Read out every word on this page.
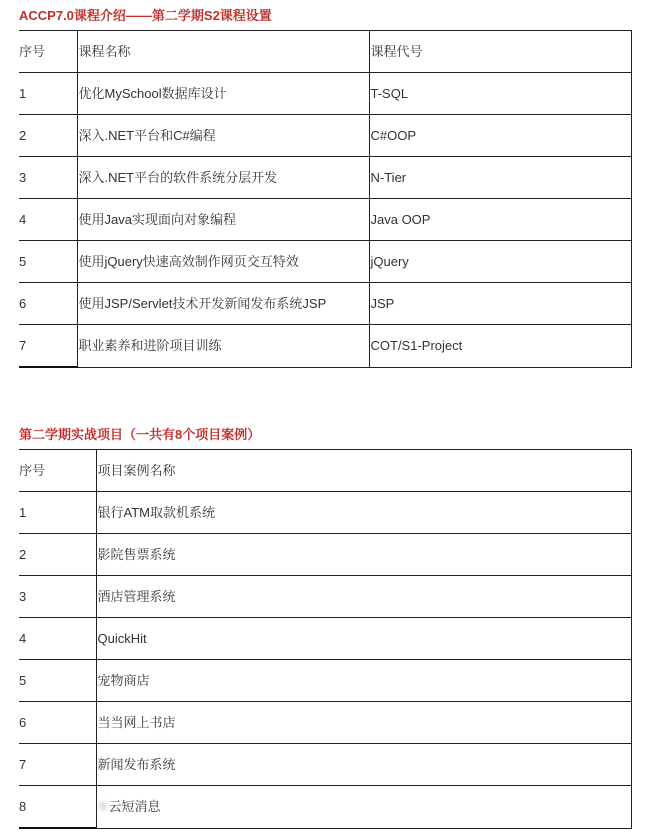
ACCP7.0课程介绍——第二学期S2课程设置
序号	课程名称	课程代号
1	优化MySchool数据库设计	T-SQL
2	深入.NET平台和C#编程	C#OOP
3	深入.NET平台的软件系统分层开发	N-Tier
4	使用Java实现面向对象编程	Java OOP
5	使用jQuery快速高效制作网页交互特效	jQuery
6	使用JSP/Servlet技术开发新闻发布系统JSP	JSP
7	职业素养和进阶项目训练	COT/S1-Project
第二学期实战项目（一共有8个项目案例）
序号	项目案例名称
1	银行ATM取款机系统
2	影院售票系统
3	酒店管理系统
4	QuickHit
5	宠物商店
6	当当网上书店
7	新闻发布系统
8	云短消息
